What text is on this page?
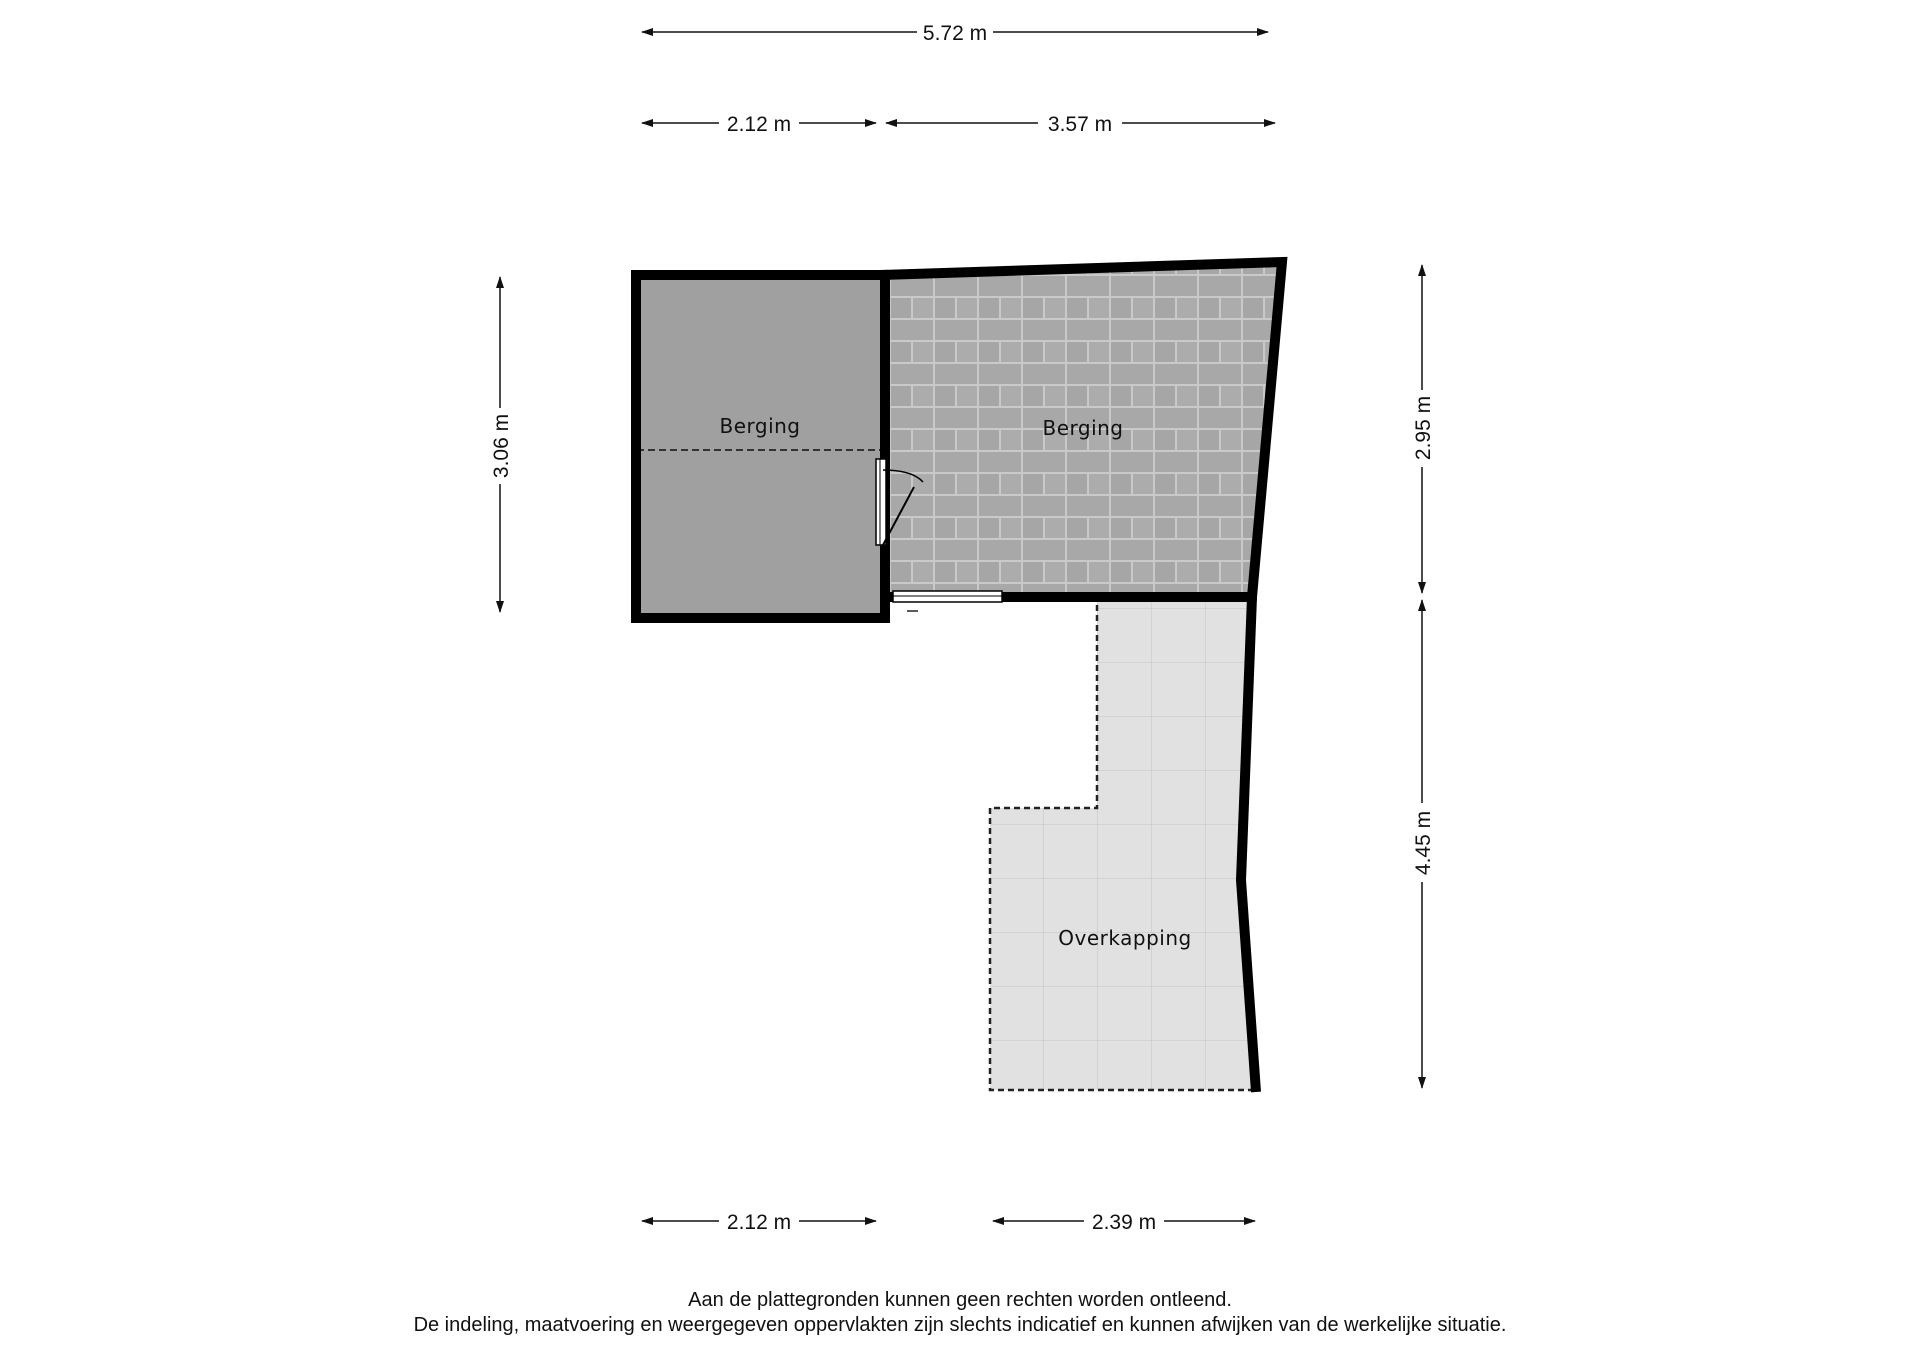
5.72 m
2.12 m	3.57 m
3.06 m	2.95 m
4.45 m
2.12 m	2.39 m
Berging	Berging
Overkapping
Aan de plattegronden kunnen geen rechten worden ontleend.
De indeling, maatvoering en weergegeven oppervlakten zijn slechts indicatief en kunnen afwijken van de werkelijke situatie.
